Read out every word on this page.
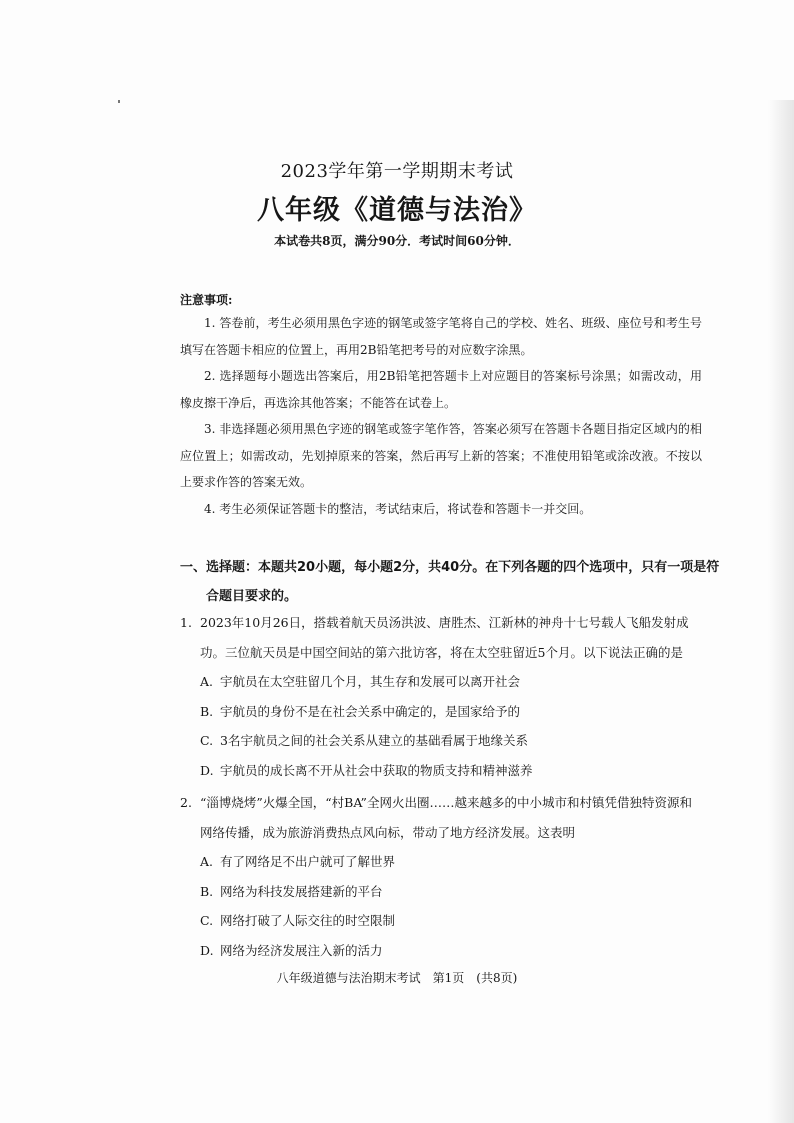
2023学年第一学期期末考试
八年级《道德与法治》
本试卷共8页，满分90分．考试时间60分钟．
注意事项:

1. 答卷前，考生必须用黑色字迹的钢笔或签字笔将自己的学校、姓名、班级、座位号和考生号填写在答题卡相应的位置上，再用2B铅笔把考号的对应数字涂黑。

2. 选择题每小题选出答案后，用2B铅笔把答题卡上对应题目的答案标号涂黑；如需改动，用橡皮擦干净后，再选涂其他答案；不能答在试卷上。

3. 非选择题必须用黑色字迹的钢笔或签字笔作答，答案必须写在答题卡各题目指定区域内的相应位置上；如需改动，先划掉原来的答案，然后再写上新的答案；不准使用铅笔或涂改液。不按以上要求作答的答案无效。

4. 考生必须保证答题卡的整洁，考试结束后，将试卷和答题卡一并交回。

一、选择题：本题共20小题，每小题2分，共40分。在下列各题的四个选项中，只有一项是符合题目要求的。
1. 2023年10月26日，搭载着航天员汤洪波、唐胜杰、江新林的神舟十七号载人飞船发射成功。三位航天员是中国空间站的第六批访客，将在太空驻留近5个月。以下说法正确的是
A. 宇航员在太空驻留几个月，其生存和发展可以离开社会
B. 宇航员的身份不是在社会关系中确定的，是国家给予的
C. 3名宇航员之间的社会关系从建立的基础看属于地缘关系
D. 宇航员的成长离不开从社会中获取的物质支持和精神滋养
2. “淄博烧烤”火爆全国，“村BA”全网火出圈……越来越多的中小城市和村镇凭借独特资源和网络传播，成为旅游消费热点风向标，带动了地方经济发展。这表明
A. 有了网络足不出户就可了解世界
B. 网络为科技发展搭建新的平台
C. 网络打破了人际交往的时空限制
D. 网络为经济发展注入新的活力
八年级道德与法治期末考试　第1页　(共8页)
